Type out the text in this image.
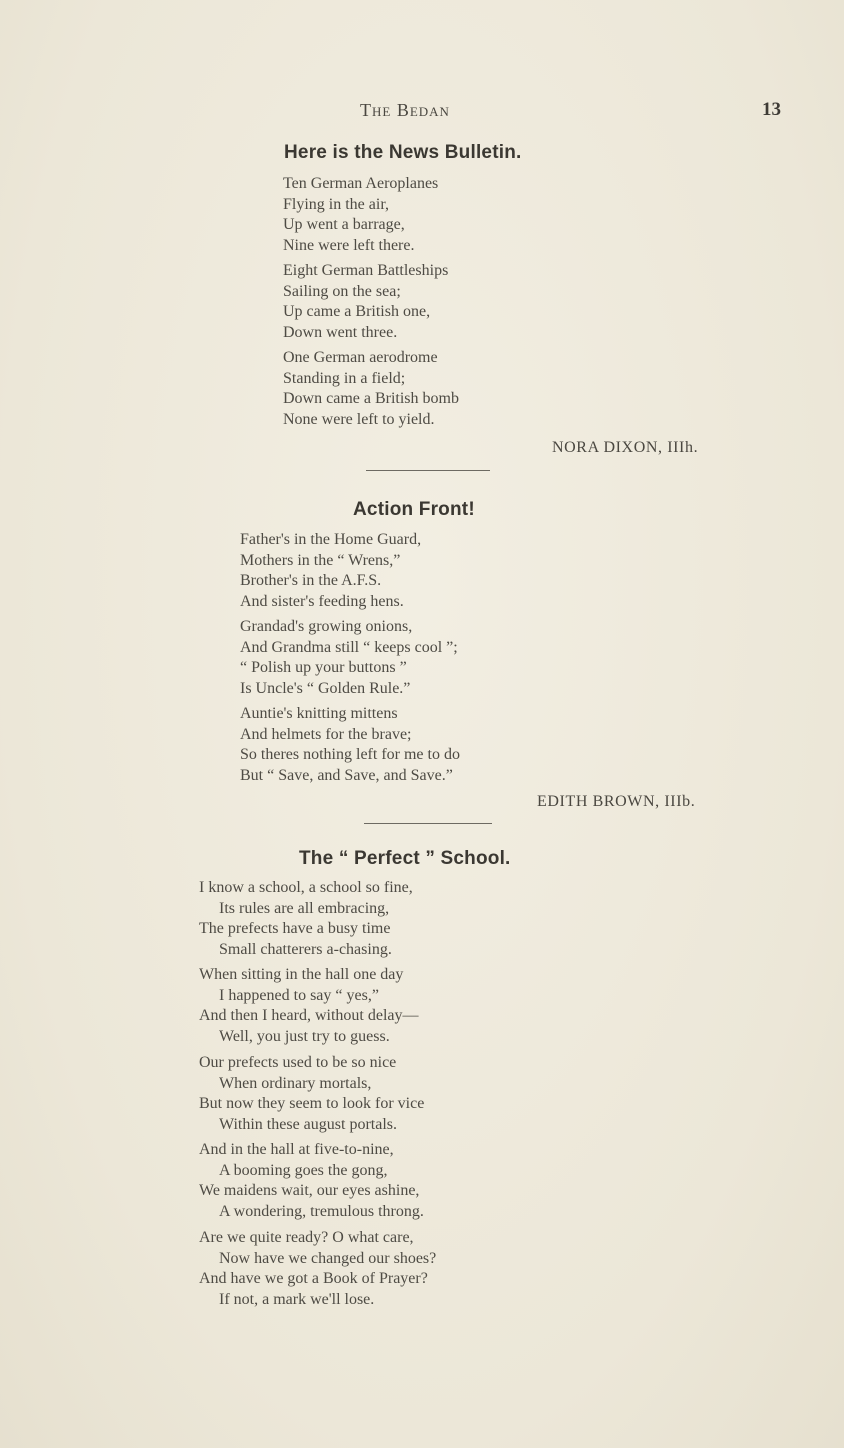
The Bedan	13
Here is the News Bulletin.
Ten German Aeroplanes
Flying in the air,
Up went a barrage,
Nine were left there.
Eight German Battleships
Sailing on the sea;
Up came a British one,
Down went three.
One German aerodrome
Standing in a field;
Down came a British bomb
None were left to yield.
NORA DIXON, IIIh.
Action Front!
Father's in the Home Guard,
Mothers in the “ Wrens,”
Brother's in the A.F.S.
And sister's feeding hens.
Grandad's growing onions,
And Grandma still “ keeps cool ”;
“ Polish up your buttons ”
Is Uncle's “ Golden Rule.”
Auntie's knitting mittens
And helmets for the brave;
So theres nothing left for me to do
But “ Save, and Save, and Save.”
EDITH BROWN, IIIb.
The “ Perfect ” School.
I know a school, a school so fine,
Its rules are all embracing,
The prefects have a busy time
Small chatterers a-chasing.
When sitting in the hall one day
I happened to say “ yes,”
And then I heard, without delay—
Well, you just try to guess.
Our prefects used to be so nice
When ordinary mortals,
But now they seem to look for vice
Within these august portals.
And in the hall at five-to-nine,
A booming goes the gong,
We maidens wait, our eyes ashine,
A wondering, tremulous throng.
Are we quite ready? O what care,
Now have we changed our shoes?
And have we got a Book of Prayer?
If not, a mark we'll lose.
